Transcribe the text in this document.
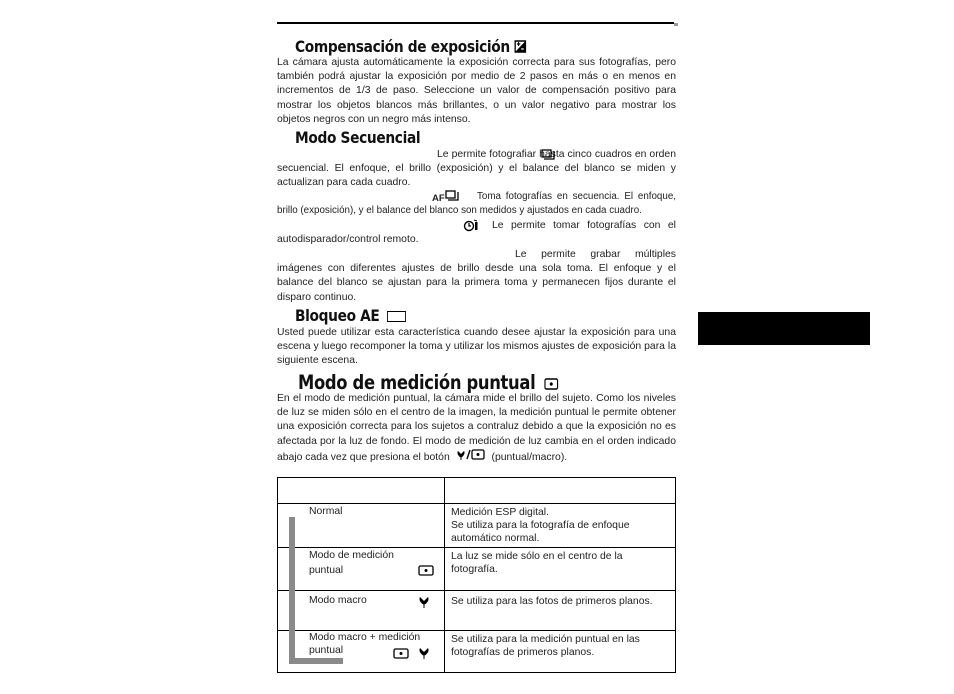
Compensación de exposición
La cámara ajusta automáticamente la exposición correcta para sus fotografías, pero también podrá ajustar la exposición por medio de 2 pasos en más o en menos en incrementos de 1/3 de paso. Seleccione un valor de compensación positivo para mostrar los objetos blancos más brillantes, o un valor negativo para mostrar los objetos negros con un negro más intenso.
Modo Secuencial
Le permite fotografiar hasta cinco cuadros en orden secuencial. El enfoque, el brillo (exposición) y el balance del blanco se miden y actualizan para cada cuadro.
AF	Toma fotografías en secuencia. El enfoque, brillo (exposición), y el balance del blanco son medidos y ajustados en cada cuadro.
Le permite tomar fotografías con el autodisparador/control remoto.
Le permite grabar múltiples imágenes con diferentes ajustes de brillo desde una sola toma. El enfoque y el balance del blanco se ajustan para la primera toma y permanecen fijos durante el disparo continuo.
Bloqueo AE
Usted puede utilizar esta característica cuando desee ajustar la exposición para una escena y luego recomponer la toma y utilizar los mismos ajustes de exposición para la siguiente escena.
Modo de medición puntual
En el modo de medición puntual, la cámara mide el brillo del sujeto. Como los niveles de luz se miden sólo en el centro de la imagen, la medición puntual le permite obtener una exposición correcta para los sujetos a contraluz debido a que la exposición no es afectada por la luz de fondo. El modo de medición de luz cambia en el orden indicado abajo cada vez que presiona el botón	(puntual/macro).

Normal	Medición ESP digital.
Se utiliza para la fotografía de enfoque automático normal.

Modo de medición puntual	La luz se mide sólo en el centro de la fotografía.

Modo macro	Se utiliza para las fotos de primeros planos.

Modo macro + medición puntual	Se utiliza para la medición puntual en las fotografías de primeros planos.
